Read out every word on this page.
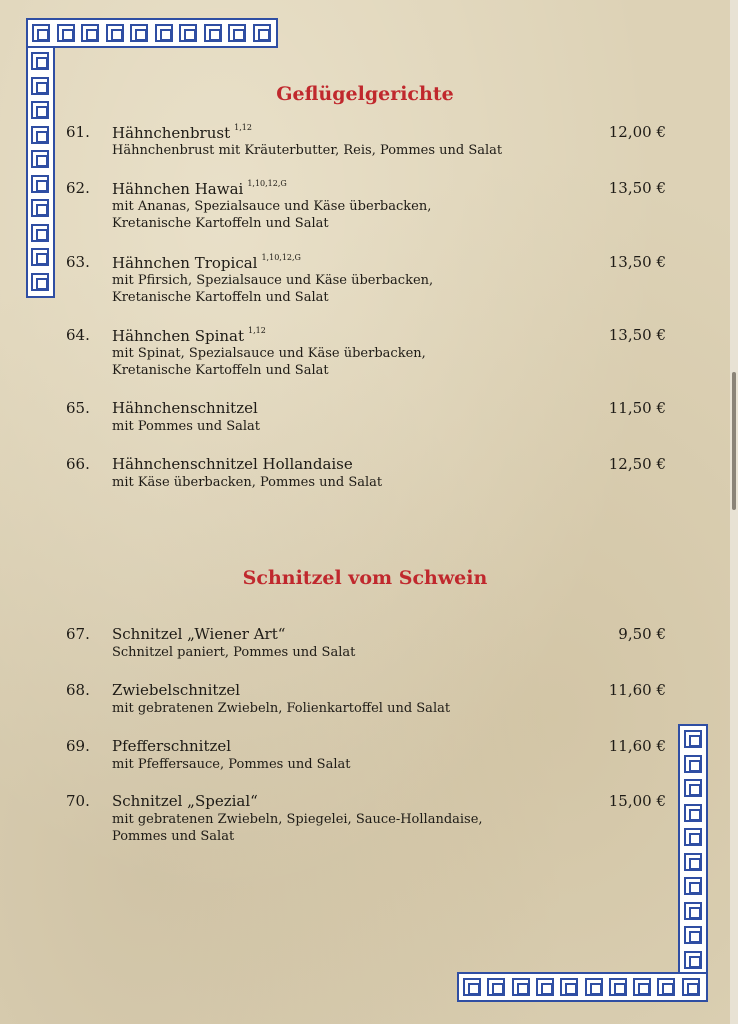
Geflügelgerichte
61. Hähnchenbrust $^{1,12}$	12,00 €
Hähnchenbrust mit Kräuterbutter, Reis, Pommes und Salat
62. Hähnchen Hawai $^{1,10,12,G}$	13,50 €
mit Ananas, Spezialsauce und Käse überbacken,
Kretanische Kartoffeln und Salat
63. Hähnchen Tropical $^{1,10,12,G}$	13,50 €
mit Pfirsich, Spezialsauce und Käse überbacken,
Kretanische Kartoffeln und Salat
64. Hähnchen Spinat $^{1,12}$	13,50 €
mit Spinat, Spezialsauce und Käse überbacken,
Kretanische Kartoffeln und Salat
65. Hähnchenschnitzel	11,50 €
mit Pommes und Salat
66. Hähnchenschnitzel Hollandaise	12,50 €
mit Käse überbacken, Pommes und Salat
Schnitzel vom Schwein
67. Schnitzel „Wiener Art“	9,50 €
Schnitzel paniert, Pommes und Salat
68. Zwiebelschnitzel	11,60 €
mit gebratenen Zwiebeln, Folienkartoffel und Salat
69. Pfefferschnitzel	11,60 €
mit Pfeffersauce, Pommes und Salat
70. Schnitzel „Spezial“	15,00 €
mit gebratenen Zwiebeln, Spiegelei, Sauce-Hollandaise,
Pommes und Salat
